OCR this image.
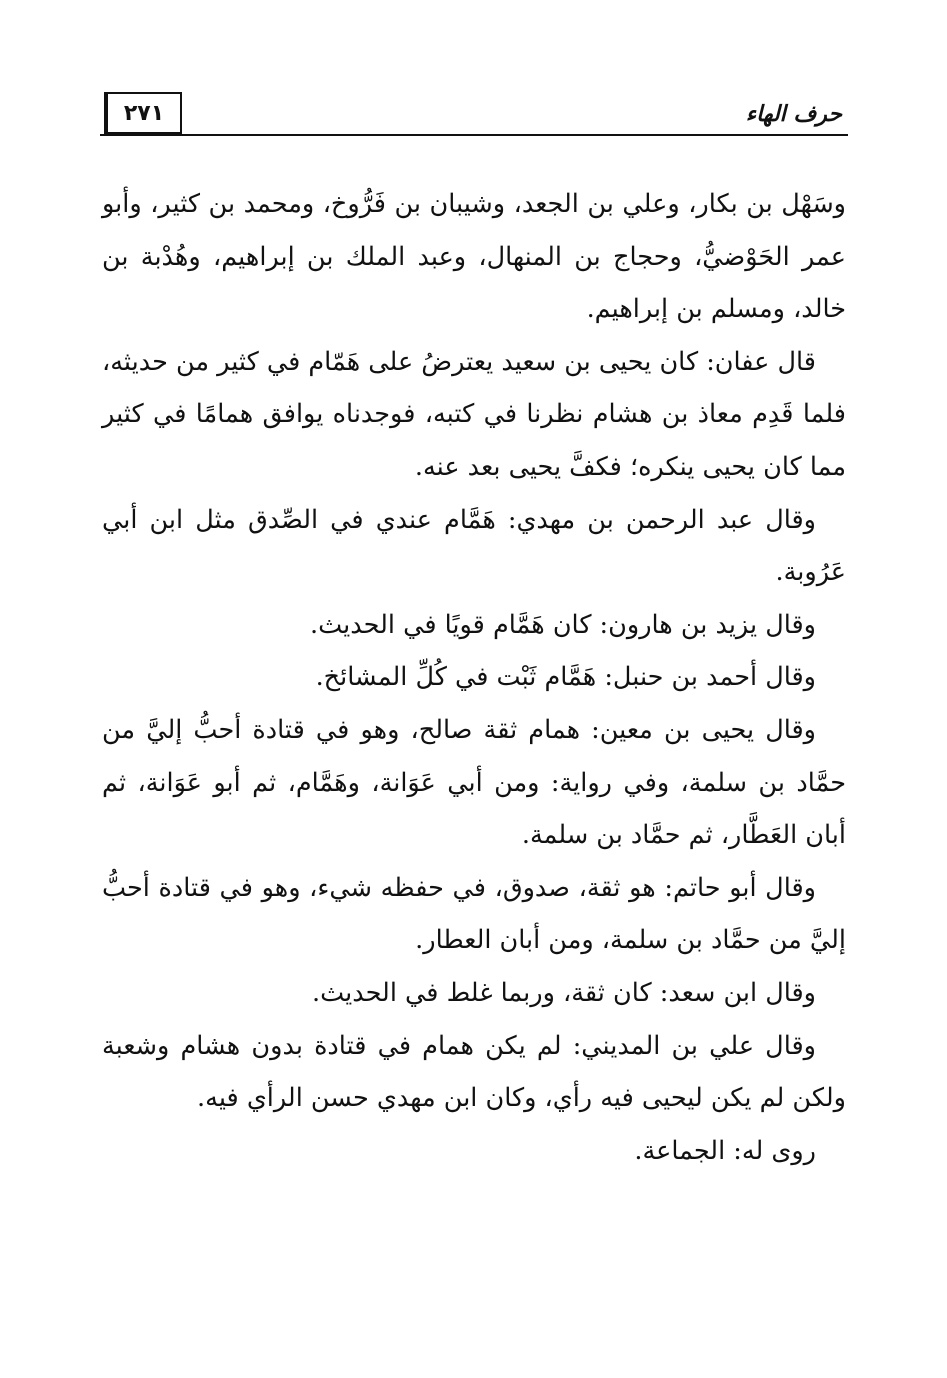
٢٧١	حرف الهاء

وسَهْل بن بكار، وعلي بن الجعد، وشيبان بن فَرُّوخ، ومحمد بن كثير، وأبو عمر الحَوْضيُّ، وحجاج بن المنهال، وعبد الملك بن إبراهيم، وهُدْبة بن خالد، ومسلم بن إبراهيم.

قال عفان: كان يحيى بن سعيد يعترضُ على هَمّام في كثير من حديثه، فلما قَدِم معاذ بن هشام نظرنا في كتبه، فوجدناه يوافق همامًا في كثير مما كان يحيى ينكره؛ فكفَّ يحيى بعد عنه.

وقال عبد الرحمن بن مهدي: هَمَّام عندي في الصِّدق مثل ابن أبي عَرُوبة.

وقال يزيد بن هارون: كان هَمَّام قويًا في الحديث.

وقال أحمد بن حنبل: هَمَّام ثَبْت في كُلِّ المشائخ.

وقال يحيى بن معين: همام ثقة صالح، وهو في قتادة أحبُّ إليَّ من حمَّاد بن سلمة، وفي رواية: ومن أبي عَوَانة، وهَمَّام، ثم أبو عَوَانة، ثم أبان العَطَّار، ثم حمَّاد بن سلمة.

وقال أبو حاتم: هو ثقة، صدوق، في حفظه شيء، وهو في قتادة أحبُّ إليَّ من حمَّاد بن سلمة، ومن أبان العطار.

وقال ابن سعد: كان ثقة، وربما غلط في الحديث.

وقال علي بن المديني: لم يكن همام في قتادة بدون هشام وشعبة ولكن لم يكن ليحيى فيه رأي، وكان ابن مهدي حسن الرأي فيه.

روى له: الجماعة.
